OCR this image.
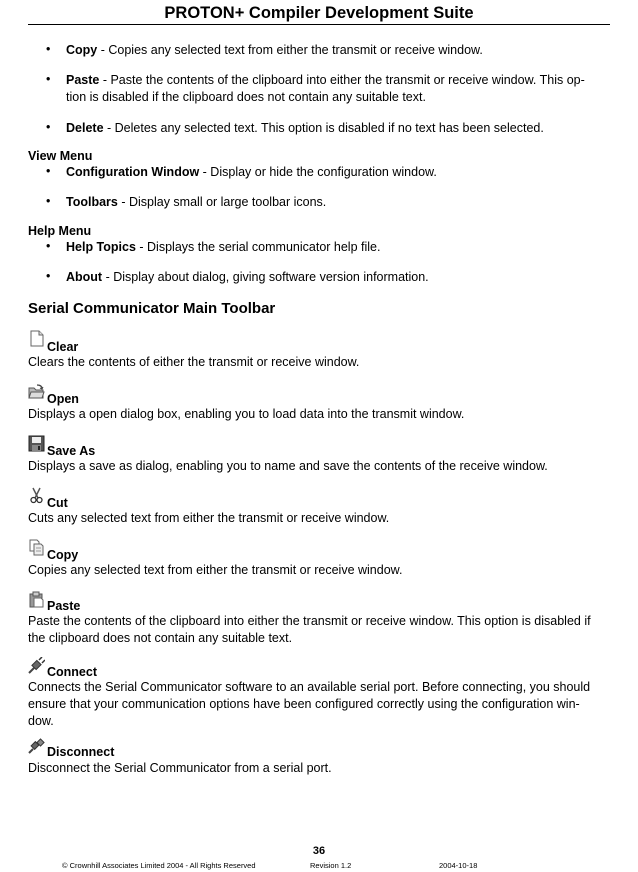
PROTON+ Compiler Development Suite
• Copy - Copies any selected text from either the transmit or receive window.
• Paste - Paste the contents of the clipboard into either the transmit or receive window. This op-
tion is disabled if the clipboard does not contain any suitable text.
• Delete - Deletes any selected text. This option is disabled if no text has been selected.
View Menu
• Configuration Window - Display or hide the configuration window.
• Toolbars - Display small or large toolbar icons.
Help Menu
• Help Topics - Displays the serial communicator help file.
• About - Display about dialog, giving software version information.
Serial Communicator Main Toolbar
Clear
Clears the contents of either the transmit or receive window.
Open
Displays a open dialog box, enabling you to load data into the transmit window.
Save As
Displays a save as dialog, enabling you to name and save the contents of the receive window.
Cut
Cuts any selected text from either the transmit or receive window.
Copy
Copies any selected text from either the transmit or receive window.
Paste
Paste the contents of the clipboard into either the transmit or receive window. This option is disabled if
the clipboard does not contain any suitable text.
Connect
Connects the Serial Communicator software to an available serial port. Before connecting, you should
ensure that your communication options have been configured correctly using the configuration win-
dow.
Disconnect
Disconnect the Serial Communicator from a serial port.
36
© Crownhill Associates Limited 2004 - All Rights Reserved	Revision 1.2	2004-10-18
